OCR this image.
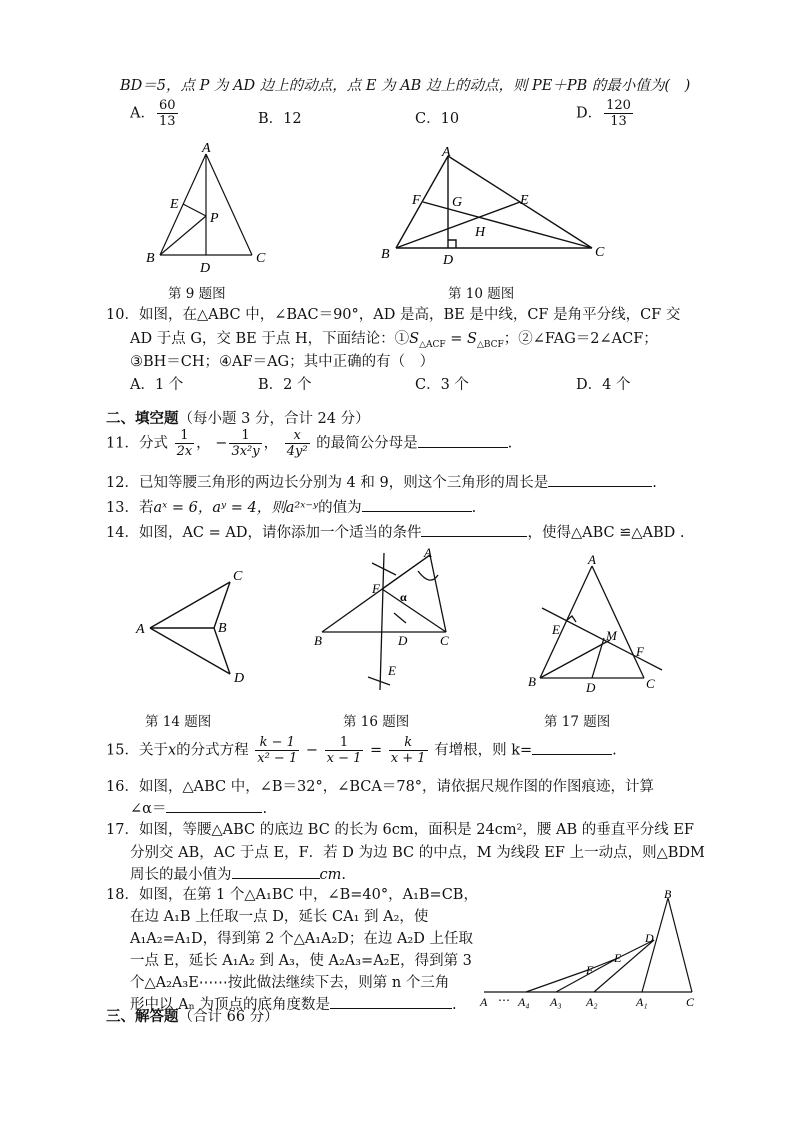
BD＝5，点 P 为 AD 边上的动点，点 E 为 AB 边上的动点，则 PE＋PB 的最小值为(　)
A． $\frac{60}{13}$	B．12	C．10	D． $\frac{120}{13}$
A
E
P
B	C
D
第 9 题图
A
F G	E
H
B	D
C
第 10 题图
10．如图，在△ABC 中，∠BAC＝90°，AD 是高，BE 是中线，CF 是角平分线，CF 交
AD 于点 G，交 BE 于点 H，下面结论：$①S_{\triangle ACF} = S_{\triangle BCF}$；②∠FAG＝2∠ACF；
③BH＝CH；④AF＝AG；其中正确的有（　）
A．1 个	B．2 个	C．3 个	D．4 个
二、填空题（每小题 3 分，合计 24 分）
11．分式 $\frac{1}{2x}$ ， − $\frac{1}{\text{3x²y}}$ ， $\frac{x}{\text{4y²}}$ 的最简公分母是	.
12．已知等腰三角形的两边长分别为 4 和 9，则这个三角形的周长是	.
13．若aˣ = 6，aʸ = 4，则a²ˣ⁻ʸ的值为	.
14．如图，AC = AD，请你添加一个适当的条件	，使得△ABC ≌△ABD .
A
C
B
D
第 14 题图
A
F
α
B	D	C
E
第 16 题图
A
E	M
F
B	D	C
第 17 题图
15．关于x的分式方程 $\frac{k - 1}{\text{x² − 1}} - \frac{1}{x - 1} = \frac{k}{x + 1}$ 有增根，则 k=	.
16．如图，△ABC 中，∠B＝32°，∠BCA＝78°，请依据尺规作图的作图痕迹，计算
∠α＝	.
17．如图，等腰△ABC 的底边 BC 的长为 6cm，面积是 24cm²，腰 AB 的垂直平分线 EF
分别交 AB，AC 于点 E，F．若 D 为边 BC 的中点，M 为线段 EF 上一动点，则△BDM
周长的最小值为	cm.
18．如图，在第 1 个△A₁BC 中，∠B=40°，A₁B=CB，
在边 A₁B 上任取一点 D，延长 CA₁ 到 A₂，使
A₁A₂=A₁D，得到第 2 个△A₁A₂D；在边 A₂D 上任取
一点 E，延长 A₁A₂ 到 A₃，使 A₂A₃=A₂E，得到第 3
个△A₂A₃E⋯⋯按此做法继续下去，则第 n 个三角
形中以 Aₙ 为顶点的底角度数是	.
B
D
E
F
A ⋯ A₄ A₃ A₂	A₁	C
三、解答题（合计 66 分）
